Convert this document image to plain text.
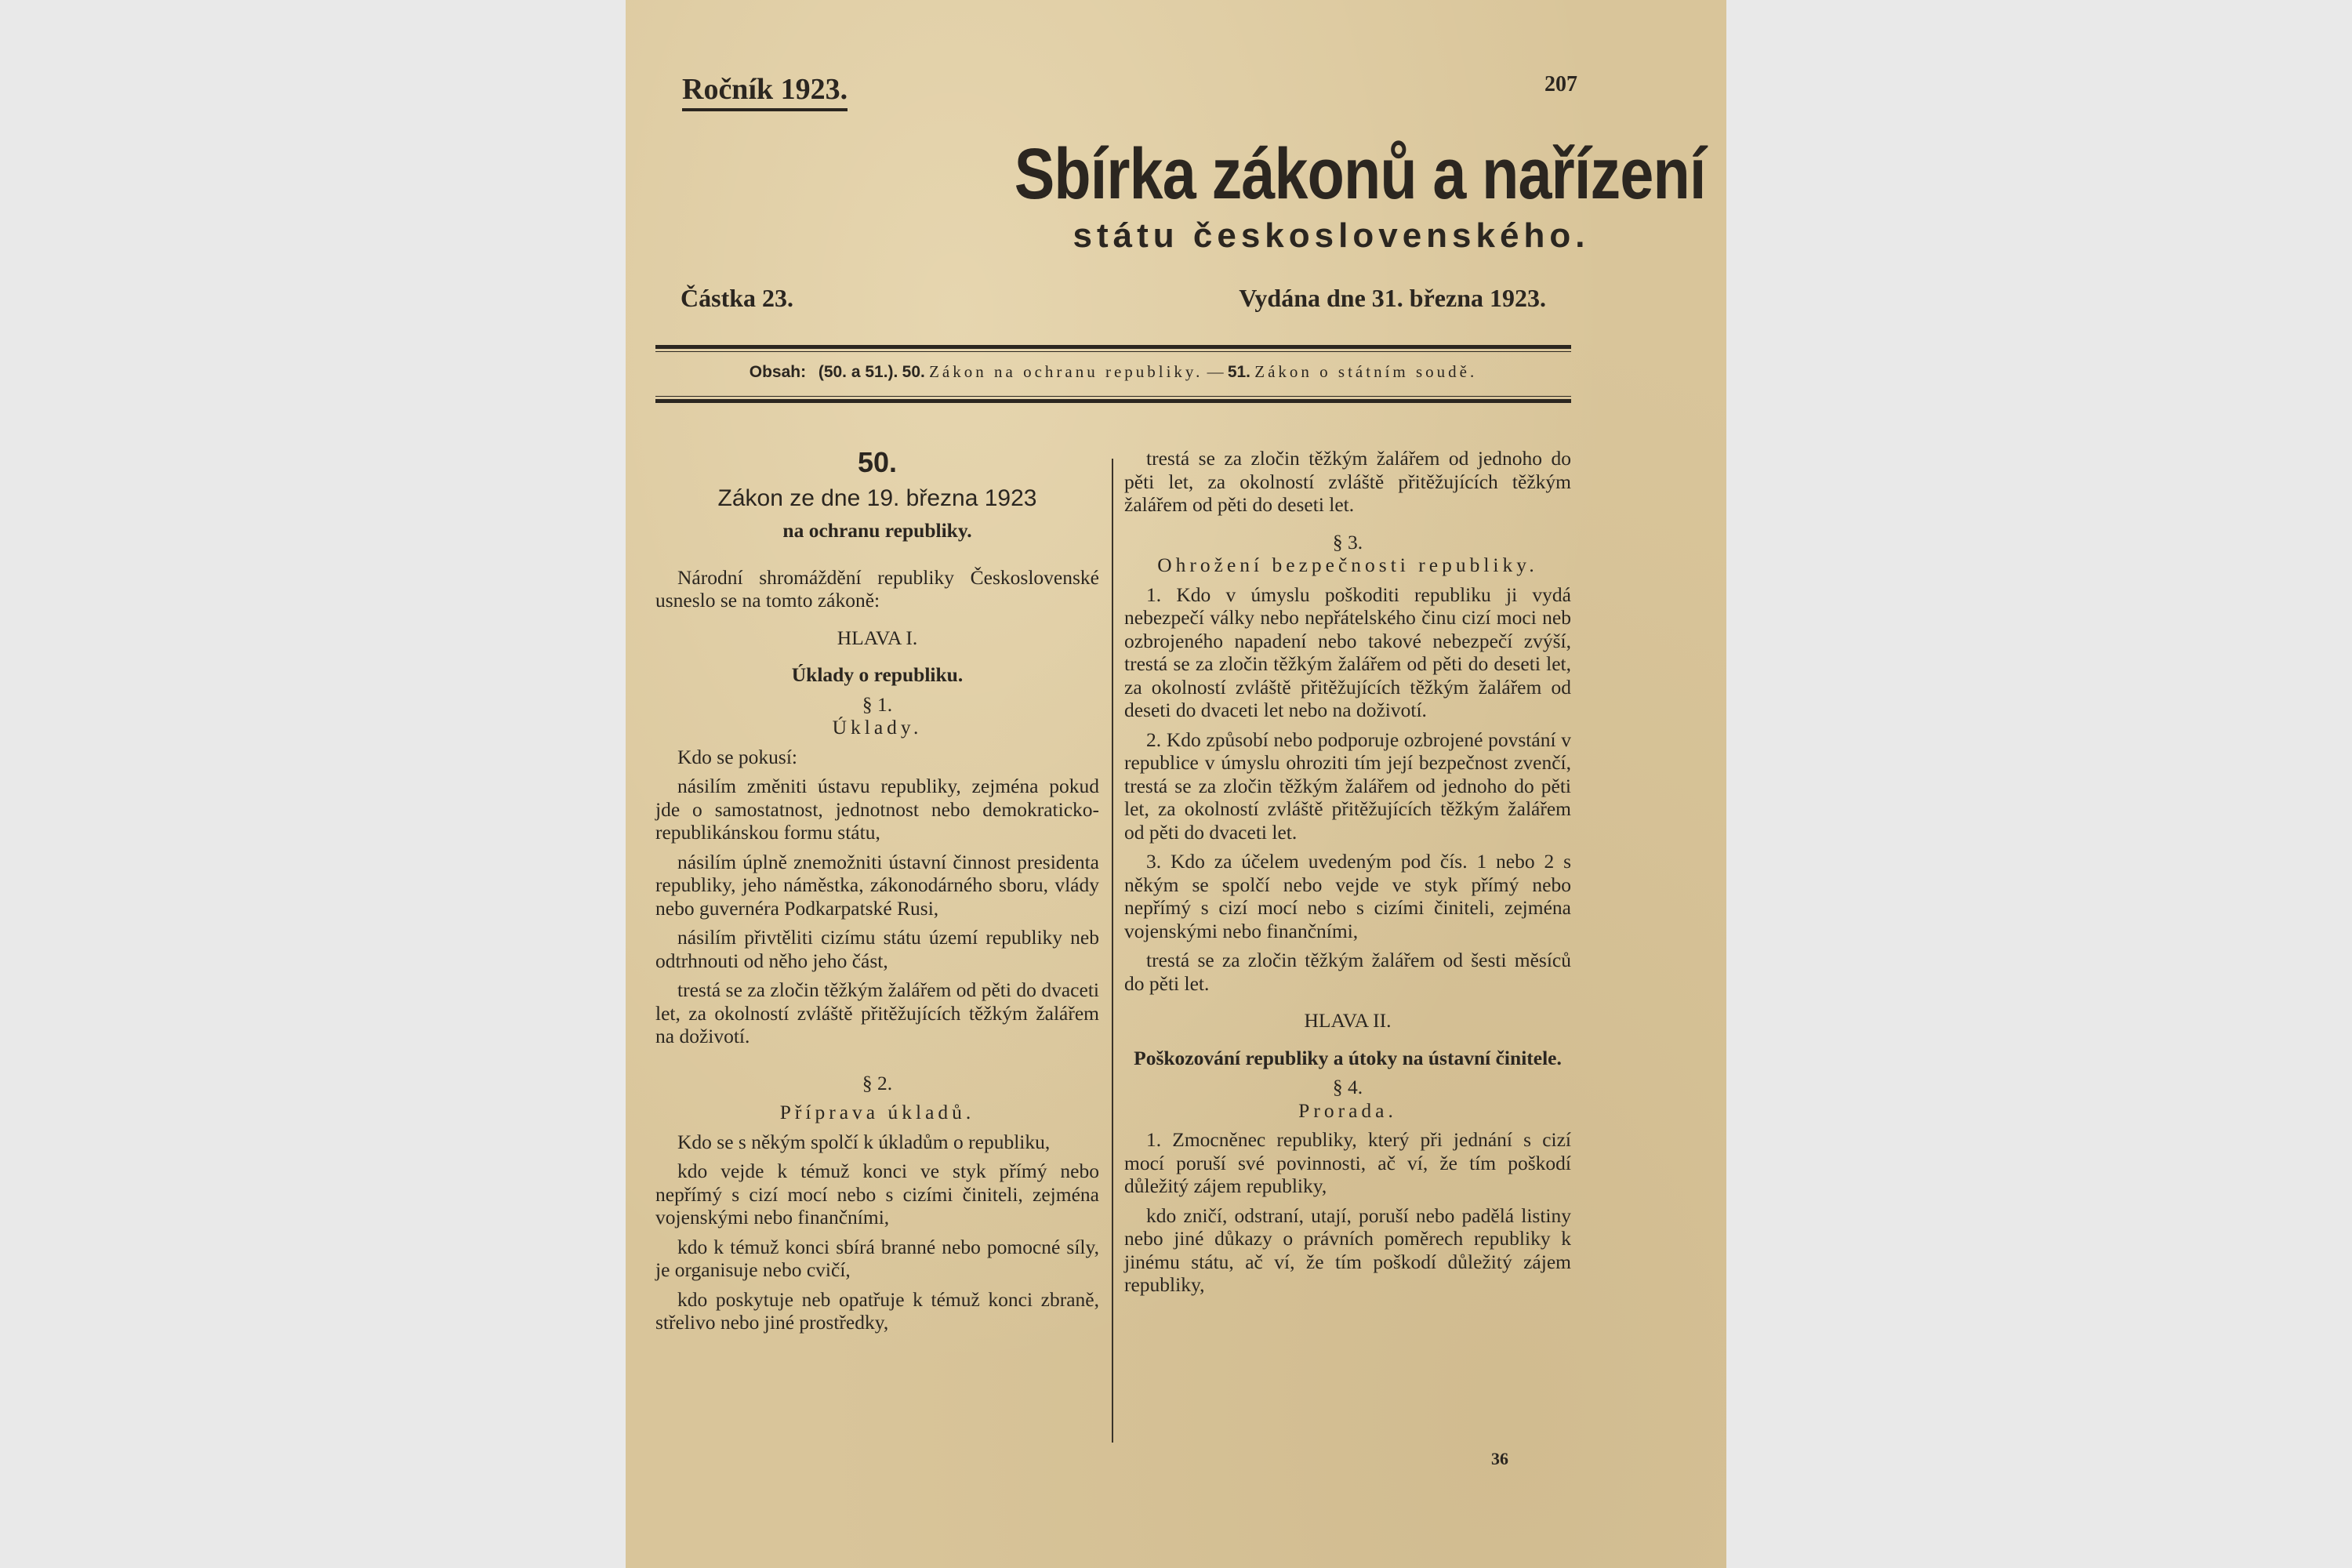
Ročník 1923.	207
Sbírka zákonů a nařízení
státu československého.
Částka 23.	Vydána dne 31. března 1923.
Obsah: (50. a 51.). 50. Zákon na ochranu republiky. — 51. Zákon o státním soudě.

50.

Zákon ze dne 19. března 1923

na ochranu republiky.

Národní shromáždění republiky Československé usneslo se na tomto zákoně:

HLAVA I.

Úklady o republiku.

§ 1.

Úklady.

Kdo se pokusí:

násilím změniti ústavu republiky, zejména pokud jde o samostatnost, jednotnost nebo demokraticko-republikánskou formu státu,

násilím úplně znemožniti ústavní činnost presidenta republiky, jeho náměstka, zákonodárného sboru, vlády nebo guvernéra Podkarpatské Rusi,

násilím přivtěliti cizímu státu území republiky neb odtrhnouti od něho jeho část,

trestá se za zločin těžkým žalářem od pěti do dvaceti let, za okolností zvláště přitěžujících těžkým žalářem na doživotí.

§ 2.

Příprava úkladů.

Kdo se s někým spolčí k úkladům o republiku,

kdo vejde k témuž konci ve styk přímý nebo nepřímý s cizí mocí nebo s cizími činiteli, zejména vojenskými nebo finančními,

kdo k témuž konci sbírá branné nebo pomocné síly, je organisuje nebo cvičí,

kdo poskytuje neb opatřuje k témuž konci zbraně, střelivo nebo jiné prostředky,

trestá se za zločin těžkým žalářem od jednoho do pěti let, za okolností zvláště přitěžujících těžkým žalářem od pěti do deseti let.

§ 3.

Ohrožení bezpečnosti republiky.

1. Kdo v úmyslu poškoditi republiku ji vydá nebezpečí války nebo nepřátelského činu cizí moci neb ozbrojeného napadení nebo takové nebezpečí zvýší, trestá se za zločin těžkým žalářem od pěti do deseti let, za okolností zvláště přitěžujících těžkým žalářem od deseti do dvaceti let nebo na doživotí.

2. Kdo způsobí nebo podporuje ozbrojené povstání v republice v úmyslu ohroziti tím její bezpečnost zvenčí, trestá se za zločin těžkým žalářem od jednoho do pěti let, za okolností zvláště přitěžujících těžkým žalářem od pěti do dvaceti let.

3. Kdo za účelem uvedeným pod čís. 1 nebo 2 s někým se spolčí nebo vejde ve styk přímý nebo nepřímý s cizí mocí nebo s cizími činiteli, zejména vojenskými nebo finančními,

trestá se za zločin těžkým žalářem od šesti měsíců do pěti let.

HLAVA II.

Poškozování republiky a útoky na ústavní činitele.

§ 4.

Prorada.

1. Zmocněnec republiky, který při jednání s cizí mocí poruší své povinnosti, ač ví, že tím poškodí důležitý zájem republiky,

kdo zničí, odstraní, utají, poruší nebo padělá listiny nebo jiné důkazy o právních poměrech republiky k jinému státu, ač ví, že tím poškodí důležitý zájem republiky,

36
